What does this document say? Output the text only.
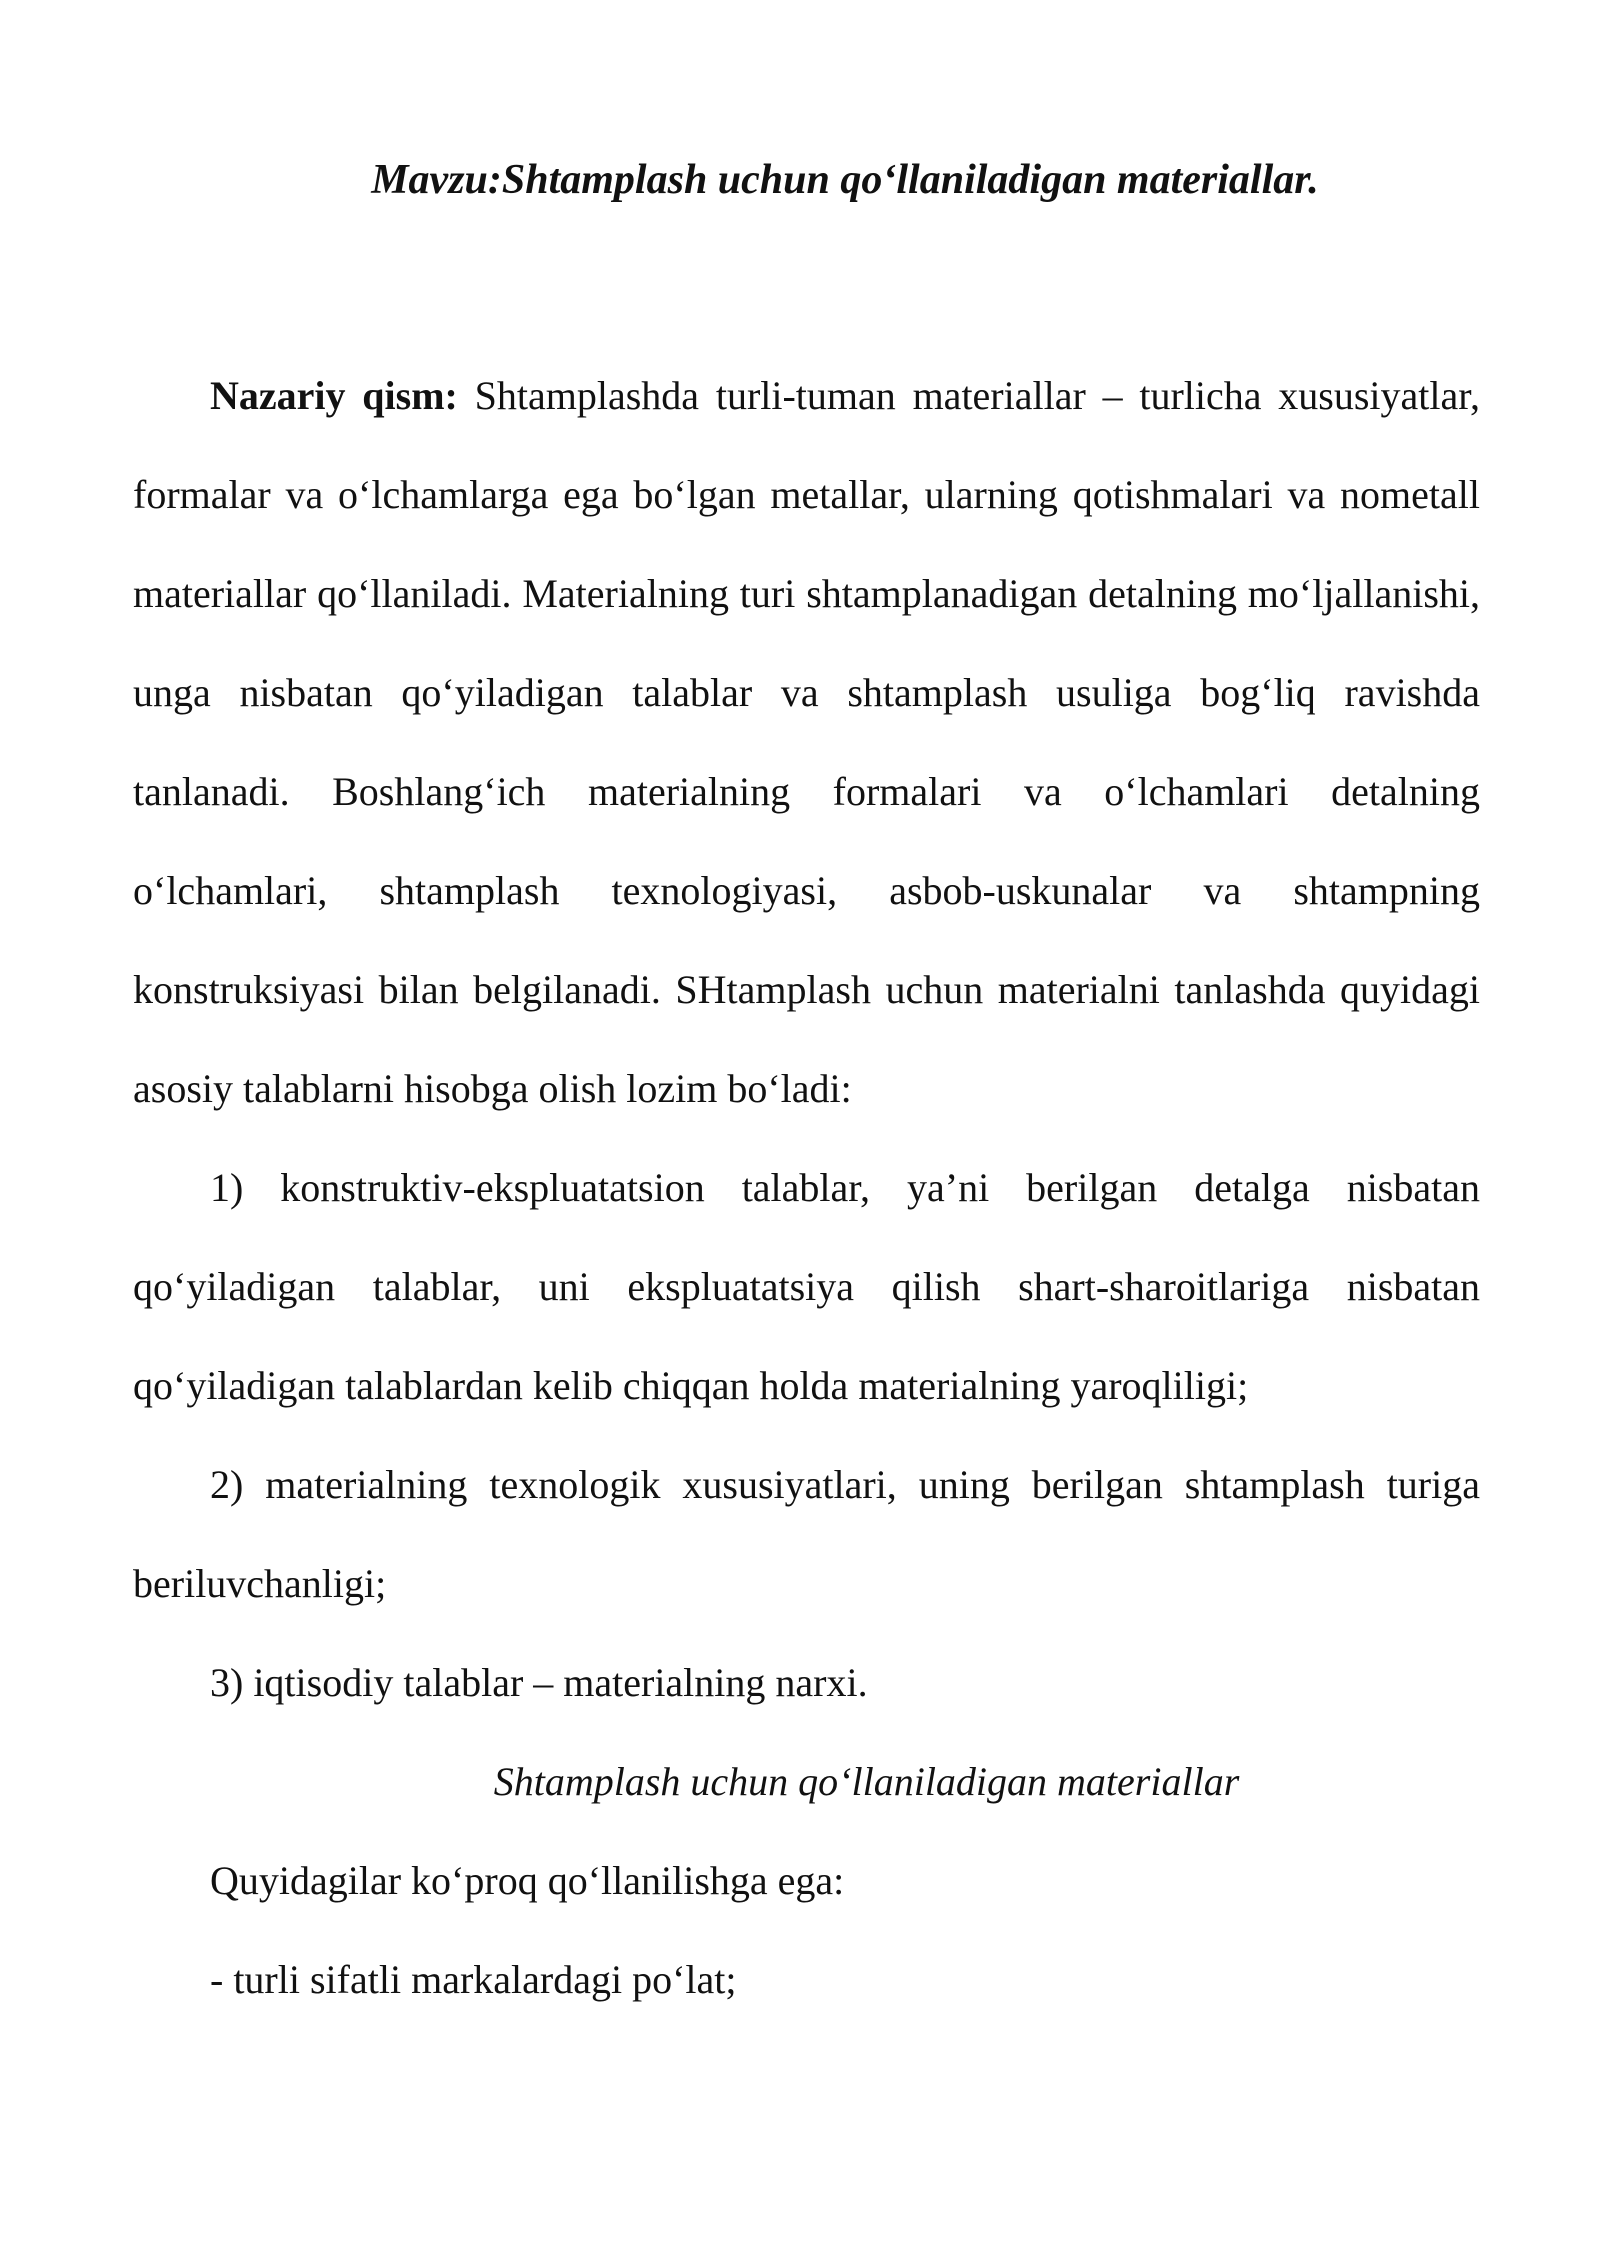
Mavzu:Shtamplash uchun qo‘llaniladigan materiallar.

Nazariy qism: Shtamplashda turli-tuman materiallar – turlicha xususiyatlar, formalar va o‘lchamlarga ega bo‘lgan metallar, ularning qotishmalari va nometall materiallar qo‘llaniladi. Materialning turi shtamplanadigan detalning mo‘ljallanishi, unga nisbatan qo‘yiladigan talablar va shtamplash usuliga bog‘liq ravishda tanlanadi. Boshlang‘ich materialning formalari va o‘lchamlari detalning o‘lchamlari, shtamplash texnologiyasi, asbob-uskunalar va shtampning konstruksiyasi bilan belgilanadi. SHtamplash uchun materialni tanlashda quyidagi asosiy talablarni hisobga olish lozim bo‘ladi:

1) konstruktiv-ekspluatatsion talablar, ya’ni berilgan detalga nisbatan qo‘yiladigan talablar, uni ekspluatatsiya qilish shart-sharoitlariga nisbatan qo‘yiladigan talablardan kelib chiqqan holda materialning yaroqliligi;

2) materialning texnologik xususiyatlari, uning berilgan shtamplash turiga beriluvchanligi;

3) iqtisodiy talablar – materialning narxi.

Shtamplash uchun qo‘llaniladigan materiallar

Quyidagilar ko‘proq qo‘llanilishga ega:

- turli sifatli markalardagi po‘lat;
